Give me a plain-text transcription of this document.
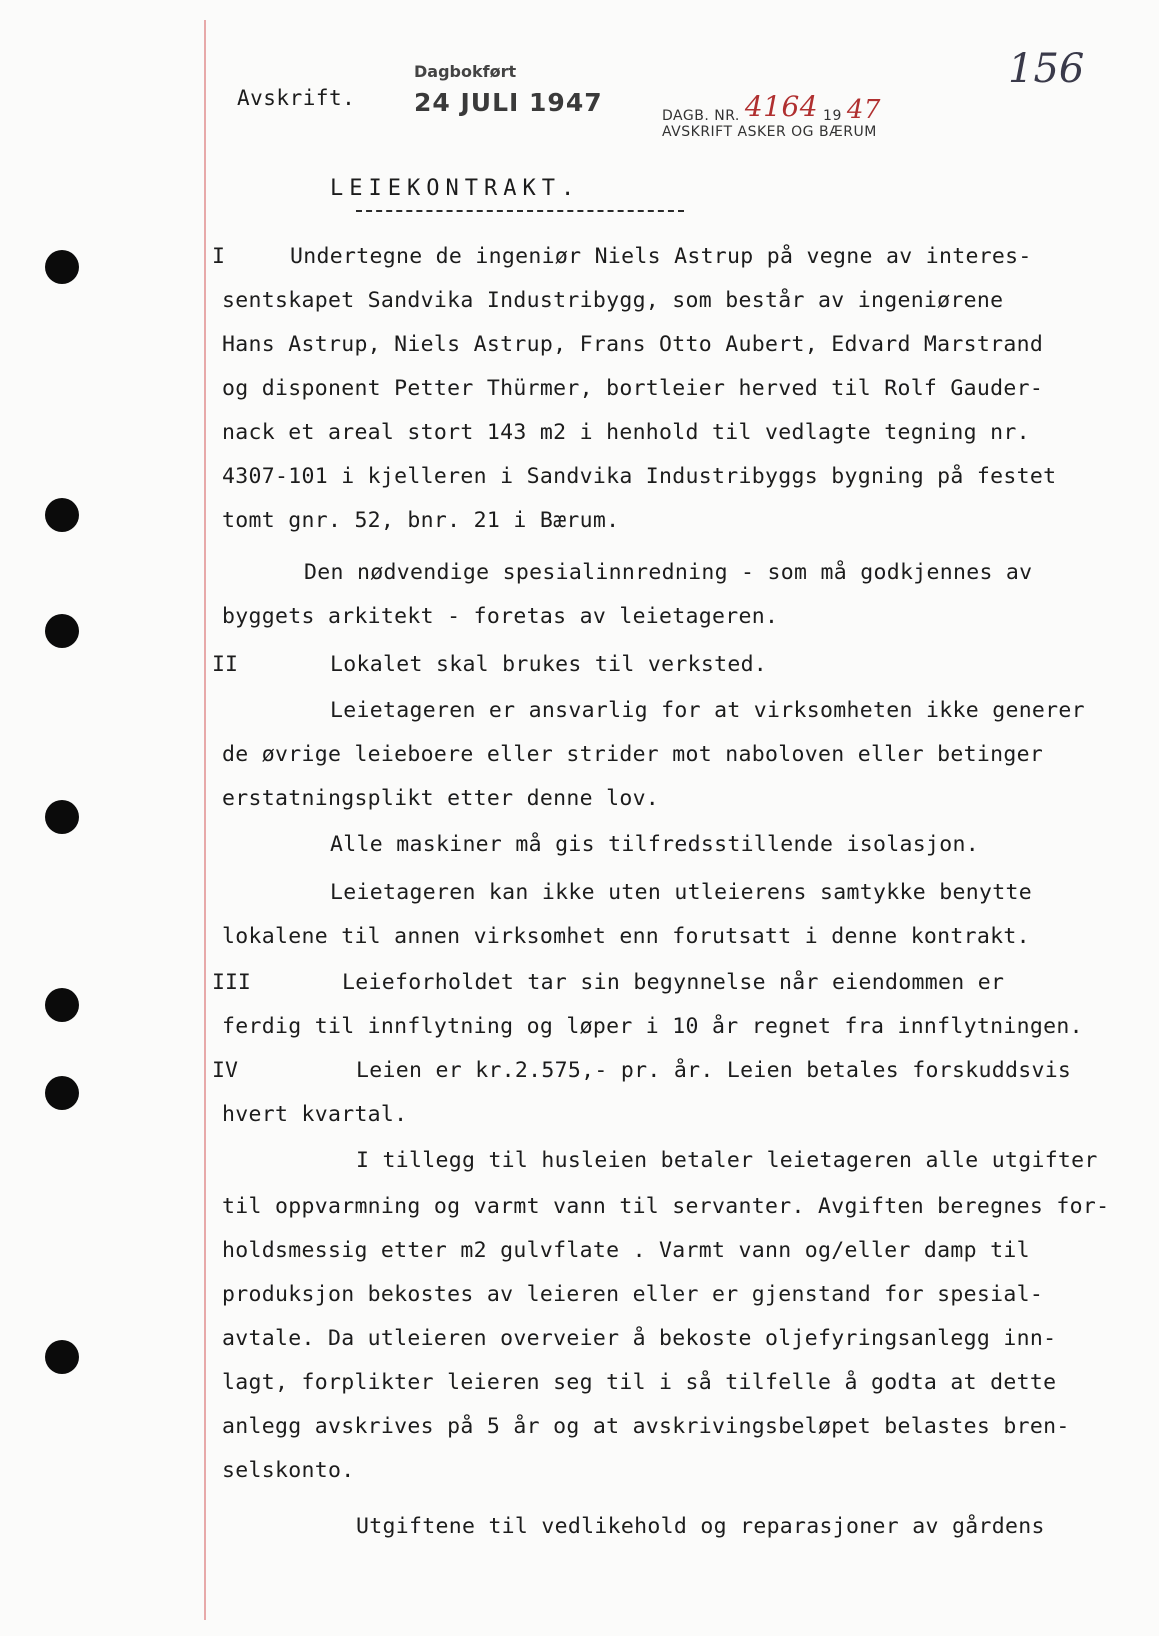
Avskrift.
Dagbokført
24 JULI 1947	DAGB. NR. 4164 19 47
AVSKRIFT ASKER OG BÆRUM
156
LEIEKONTRAKT.
I
II
III
IV
Undertegne de ingeniør Niels Astrup på vegne av interes-
sentskapet Sandvika Industribygg, som består av ingeniørene
Hans Astrup, Niels Astrup, Frans Otto Aubert, Edvard Marstrand
og disponent Petter Thürmer, bortleier herved til Rolf Gauder-
nack et areal stort 143 m2 i henhold til vedlagte tegning nr.
4307-101 i kjelleren i Sandvika Industribyggs bygning på festet
tomt gnr. 52, bnr. 21 i Bærum.
Den nødvendige spesialinnredning - som må godkjennes av
byggets arkitekt - foretas av leietageren.
Lokalet skal brukes til verksted.
Leietageren er ansvarlig for at virksomheten ikke generer
de øvrige leieboere eller strider mot naboloven eller betinger
erstatningsplikt etter denne lov.
Alle maskiner må gis tilfredsstillende isolasjon.
Leietageren kan ikke uten utleierens samtykke benytte
lokalene til annen virksomhet enn forutsatt i denne kontrakt.
Leieforholdet tar sin begynnelse når eiendommen er
ferdig til innflytning og løper i 10 år regnet fra innflytningen.
Leien er kr.2.575,- pr. år. Leien betales forskuddsvis
hvert kvartal.
I tillegg til husleien betaler leietageren alle utgifter
til oppvarmning og varmt vann til servanter. Avgiften beregnes for-
holdsmessig etter m2 gulvflate . Varmt vann og/eller damp til
produksjon bekostes av leieren eller er gjenstand for spesial-
avtale. Da utleieren overveier å bekoste oljefyringsanlegg inn-
lagt, forplikter leieren seg til i så tilfelle å godta at dette
anlegg avskrives på 5 år og at avskrivingsbeløpet belastes bren-
selskonto.
Utgiftene til vedlikehold og reparasjoner av gårdens
